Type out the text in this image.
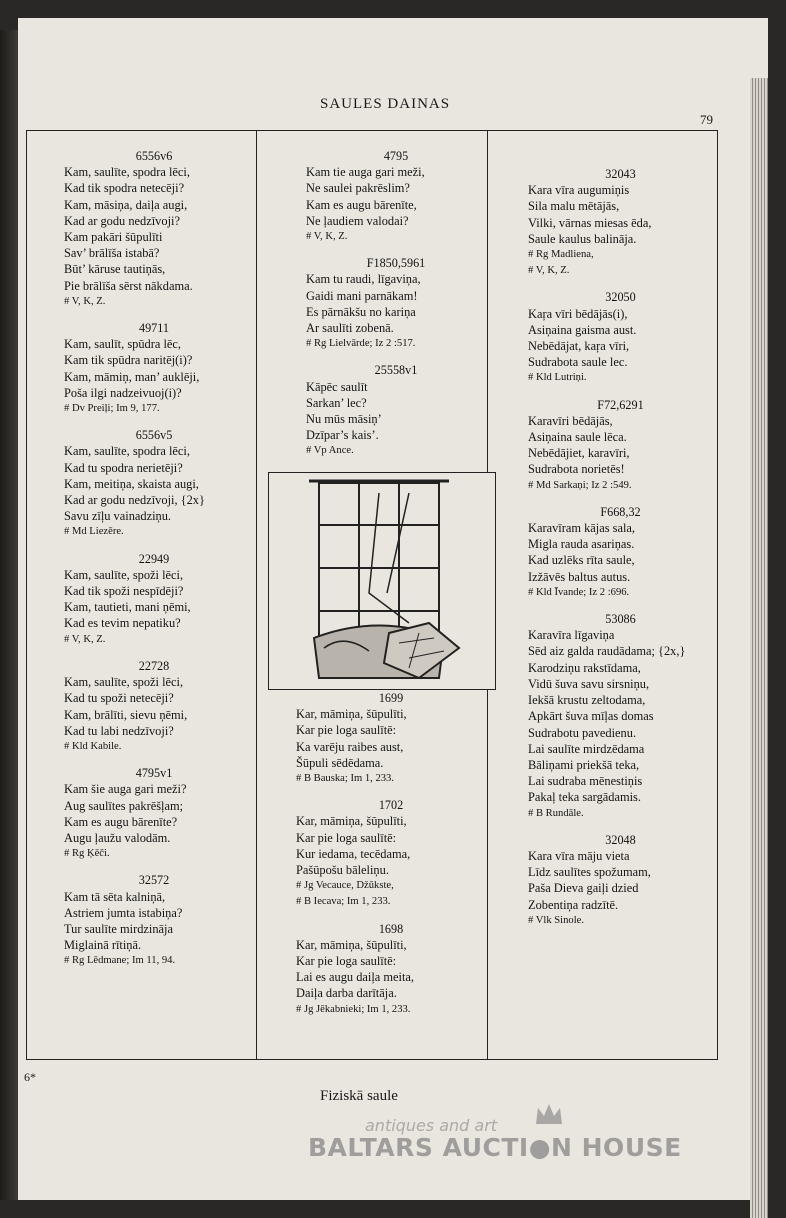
SAULES DAINAS
79
6556v6
Kam, saulīte, spodra lēci,
Kad tik spodra netecēji?
Kam, māsiņa, daiļa augi,
Kad ar godu nedzīvoji?
Kam pakāri šūpulīti
Sav’ brālīša istabā?
Būt’ kāruse tautiņās,
Pie brālīša sērst nākdama.
# V, K, Z.
49711
Kam, saulīt, spūdra lēc,
Kam tik spūdra naritēj(i)?
Kam, māmiņ, man’ auklēji,
Poša ilgi nadzeivuoj(i)?
# Dv Preiļi; Im 9, 177.
6556v5
Kam, saulīte, spodra lēci,
Kad tu spodra nerietēji?
Kam, meitiņa, skaista augi,
Kad ar godu nedzīvoji, {2x}
Savu zīļu vainadziņu.
# Md Liezēre.
22949
Kam, saulīte, spoži lēci,
Kad tik spoži nespīdēji?
Kam, tautieti, mani ņēmi,
Kad es tevim nepatiku?
# V, K, Z.
22728
Kam, saulīte, spoži lēci,
Kad tu spoži netecēji?
Kam, brālīti, sievu ņēmi,
Kad tu labi nedzīvoji?
# Kld Kabile.
4795v1
Kam šie auga gari meži?
Aug saulītes pakrēšļam;
Kam es augu bārenīte?
Augu ļaužu valodām.
# Rg Ķēči.
32572
Kam tā sēta kalniņā,
Astriem jumta istabiņa?
Tur saulīte mirdzināja
Miglainā rītiņā.
# Rg Lēdmane; Im 11, 94.
4795
Kam tie auga gari meži,
Ne saulei pakrēslim?
Kam es augu bārenīte,
Ne ļaudiem valodai?
# V, K, Z.
F1850,5961
Kam tu raudi, līgaviņa,
Gaidi mani parnākam!
Es pārnākšu no kariņa
Ar saulīti zobenā.
# Rg Lielvārde; Iz 2 :517.
25558v1
Kāpēc saulīt
Sarkan’ lec?
Nu mūs māsiņ’
Dzīpar’s kais’.
# Vp Ance.
1699
Kar, māmiņa, šūpulīti,
Kar pie loga saulītē:
Ka varēju raibes aust,
Šūpuli sēdēdama.
# B Bauska; Im 1, 233.
1702
Kar, māmiņa, šūpulīti,
Kar pie loga saulītē:
Kur iedama, tecēdama,
Pašūpošu bāleliņu.
# Jg Vecauce, Džūkste,
# B Iecava; Im 1, 233.
1698
Kar, māmiņa, šūpulīti,
Kar pie loga saulītē:
Lai es augu daiļa meita,
Daiļa darba darītāja.
# Jg Jēkabnieki; Im 1, 233.
32043
Kara vīra augumiņis
Sila malu mētājās,
Vilki, vārnas miesas ēda,
Saule kaulus balināja.
# Rg Madliena,
# V, K, Z.
32050
Kaŗa vīri bēdājās(i),
Asiņaina gaisma aust.
Nebēdājat, kaŗa vīri,
Sudrabota saule lec.
# Kld Lutriņi.
F72,6291
Karavīri bēdājās,
Asiņaina saule lēca.
Nebēdājiet, karavīri,
Sudrabota norietēs!
# Md Sarkaņi; Iz 2 :549.
F668,32
Karavīram kājas sala,
Migla rauda asariņas.
Kad uzlēks rīta saule,
Izžāvēs baltus autus.
# Kld Īvande; Iz 2 :696.
53086
Karavīra līgaviņa
Sēd aiz galda raudādama; {2x,}
Karodziņu rakstīdama,
Vidū šuva savu sirsniņu,
Iekšā krustu zeltodama,
Apkārt šuva mīļas domas
Sudrabotu pavedienu.
Lai saulīte mirdzēdama
Bāliņami priekšā teka,
Lai sudraba mēnestiņis
Pakaļ teka sargādamis.
# B Rundāle.
32048
Kara vīra māju vieta
Līdz saulītes spožumam,
Paša Dieva gaiļi dzied
Zobentiņa radzītē.
# Vlk Sinole.
6*
Fiziskā saule
antiques and art
BALTARS AUCTI●N HOUSE
